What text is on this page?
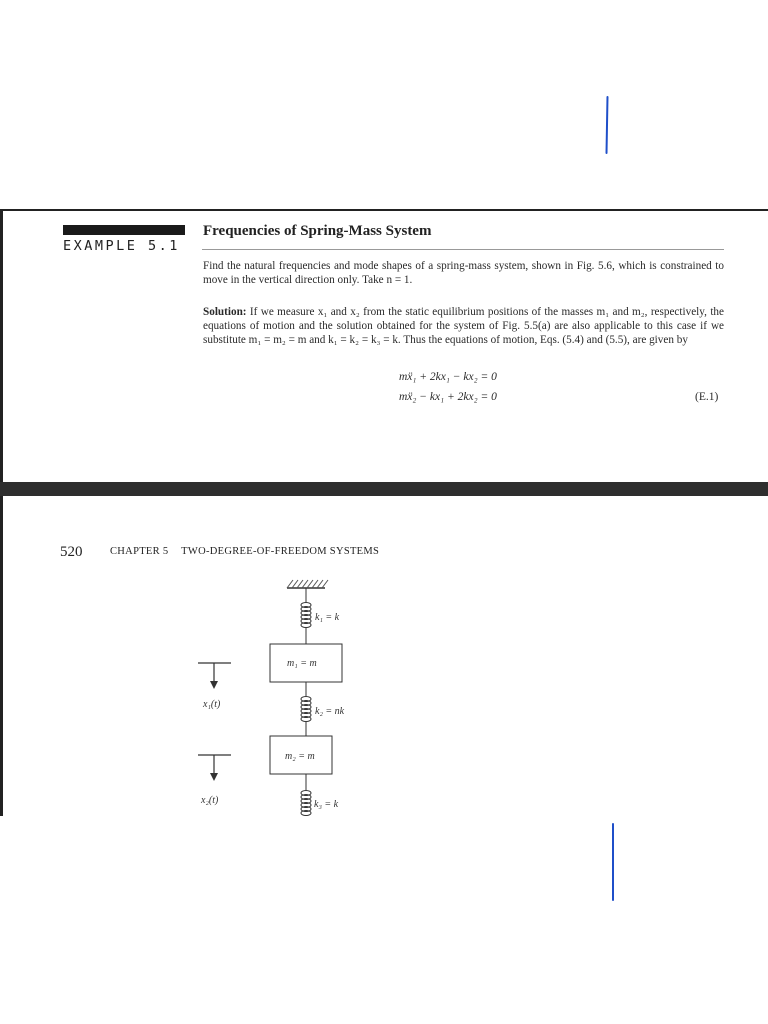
EXAMPLE 5.1
Frequencies of Spring-Mass System
Find the natural frequencies and mode shapes of a spring-mass system, shown in Fig. 5.6, which is constrained to move in the vertical direction only. Take n = 1.
Solution: If we measure x₁ and x₂ from the static equilibrium positions of the masses m₁ and m₂, respectively, the equations of motion and the solution obtained for the system of Fig. 5.5(a) are also applicable to this case if we substitute m₁ = m₂ = m and k₁ = k₂ = k₃ = k. Thus the equations of motion, Eqs. (5.4) and (5.5), are given by
mẍ₁ + 2kx₁ − kx₂ = 0
mẍ₂ − kx₁ + 2kx₂ = 0	(E.1)
520	CHAPTER 5 TWO-DEGREE-OF-FREEDOM SYSTEMS
k₁ = k
m₁ = m
k₂ = nk
m₂ = m
k₃ = k
x₁(t)
x₂(t)
